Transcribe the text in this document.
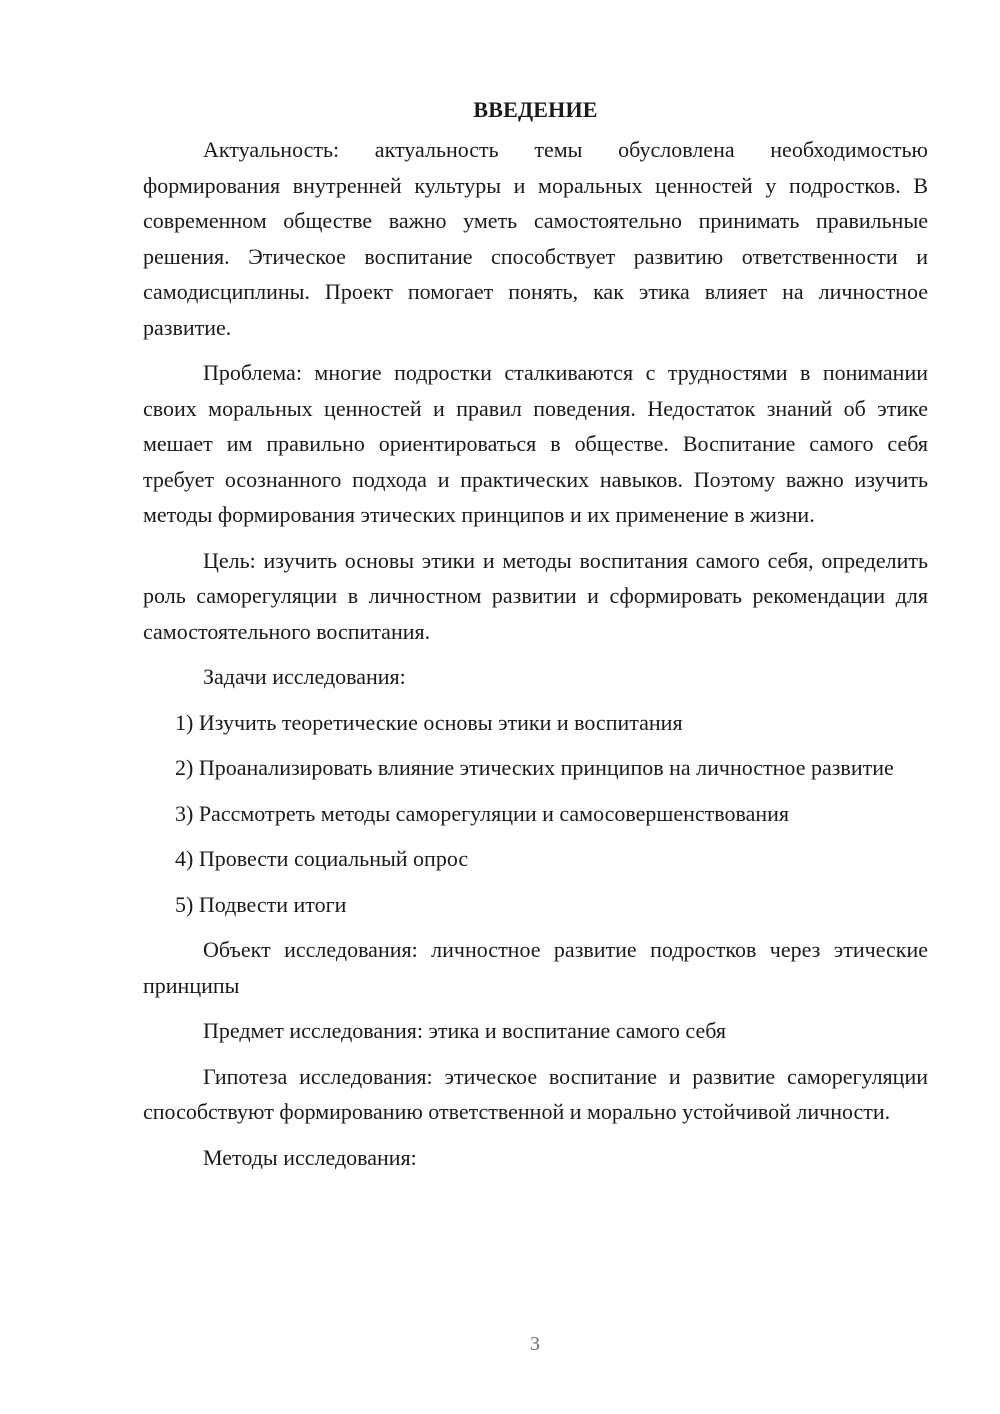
ВВЕДЕНИЕ

Актуальность: актуальность темы обусловлена необходимостью формирования внутренней культуры и моральных ценностей у подростков. В современном обществе важно уметь самостоятельно принимать правильные решения. Этическое воспитание способствует развитию ответственности и самодисциплины. Проект помогает понять, как этика влияет на личностное развитие.

Проблема: многие подростки сталкиваются с трудностями в понимании своих моральных ценностей и правил поведения. Недостаток знаний об этике мешает им правильно ориентироваться в обществе. Воспитание самого себя требует осознанного подхода и практических навыков. Поэтому важно изучить методы формирования этических принципов и их применение в жизни.

Цель: изучить основы этики и методы воспитания самого себя, определить роль саморегуляции в личностном развитии и сформировать рекомендации для самостоятельного воспитания.

Задачи исследования:

1) Изучить теоретические основы этики и воспитания

2) Проанализировать влияние этических принципов на личностное развитие

3) Рассмотреть методы саморегуляции и самосовершенствования

4) Провести социальный опрос

5) Подвести итоги

Объект исследования: личностное развитие подростков через этические принципы

Предмет исследования: этика и воспитание самого себя

Гипотеза исследования: этическое воспитание и развитие саморегуляции способствуют формированию ответственной и морально устойчивой личности.

Методы исследования:

3
